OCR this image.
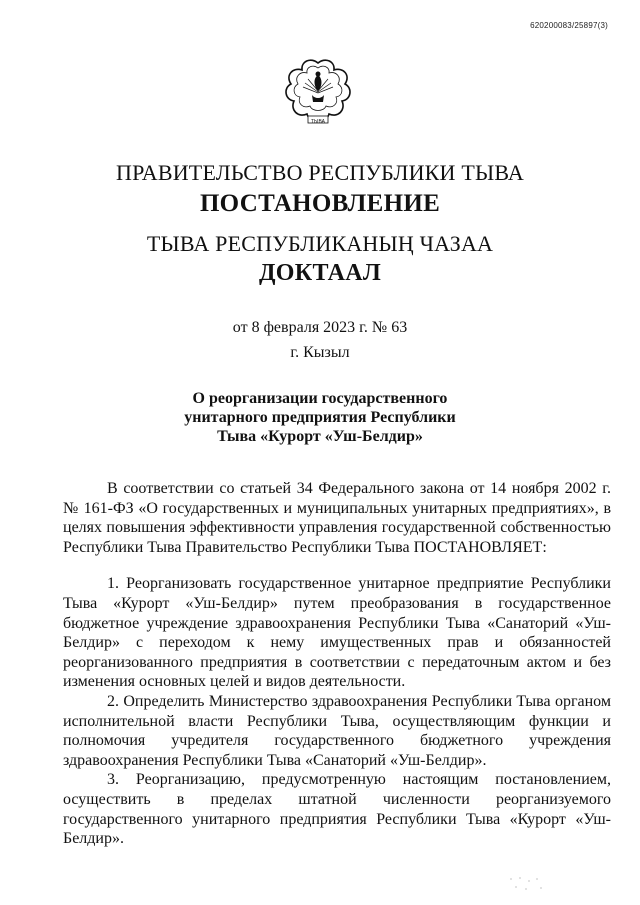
620200083/25897(3)
ТЫВА
ПРАВИТЕЛЬСТВО РЕСПУБЛИКИ ТЫВА
ПОСТАНОВЛЕНИЕ
ТЫВА РЕСПУБЛИКАНЫҢ ЧАЗАА
ДОКТААЛ
от 8 февраля 2023 г. № 63
г. Кызыл
О реорганизации государственного
унитарного предприятия Республики
Тыва «Курорт «Уш-Белдир»

В соответствии со статьей 34 Федерального закона от 14 ноября 2002 г. № 161-ФЗ «О государственных и муниципальных унитарных предприятиях», в целях повышения эффективности управления государственной собственностью Республики Тыва Правительство Республики Тыва ПОСТАНОВЛЯЕТ:

1. Реорганизовать государственное унитарное предприятие Республики Тыва «Курорт «Уш-Белдир» путем преобразования в государственное бюджетное учреждение здравоохранения Республики Тыва «Санаторий «Уш-Белдир» с переходом к нему имущественных прав и обязанностей реорганизованного предприятия в соответствии с передаточным актом и без изменения основных целей и видов деятельности.

2. Определить Министерство здравоохранения Республики Тыва органом исполнительной власти Республики Тыва, осуществляющим функции и полномочия учредителя государственного бюджетного учреждения здравоохранения Республики Тыва «Санаторий «Уш-Белдир».

3. Реорганизацию, предусмотренную настоящим постановлением, осуществить в пределах штатной численности реорганизуемого государственного унитарного предприятия Республики Тыва «Курорт «Уш-Белдир».
